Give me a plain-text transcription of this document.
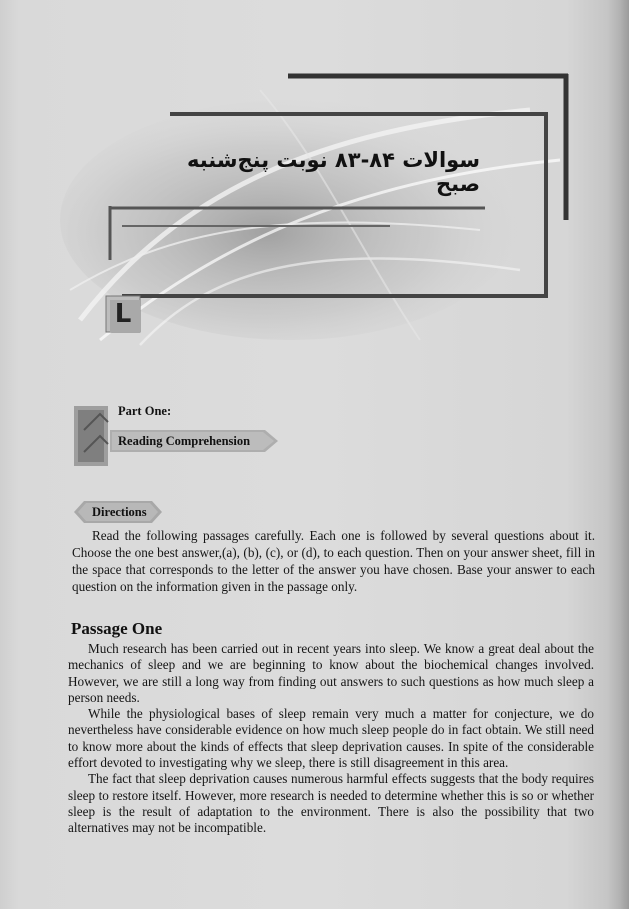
سوالات ۸۴-۸۳ نوبت پنج‌شنبه صبح
L
Part One:
Reading Comprehension
Directions
Read the following passages carefully. Each one is followed by several questions about it. Choose the one best answer,(a), (b), (c), or (d), to each question. Then on your answer sheet, fill in the space that corresponds to the letter of the answer you have chosen. Base your answer to each question on the information given in the passage only.
Passage One

Much research has been carried out in recent years into sleep. We know a great deal about the mechanics of sleep and we are beginning to know about the biochemical changes involved. However, we are still a long way from finding out answers to such questions as how much sleep a person needs.

While the physiological bases of sleep remain very much a matter for conjecture, we do nevertheless have considerable evidence on how much sleep people do in fact obtain. We still need to know more about the kinds of effects that sleep deprivation causes. In spite of the considerable effort devoted to investigating why we sleep, there is still disagreement in this area.

The fact that sleep deprivation causes numerous harmful effects suggests that the body requires sleep to restore itself. However, more research is needed to determine whether this is so or whether sleep is the result of adaptation to the environment. There is also the possibility that two alternatives may not be incompatible.
